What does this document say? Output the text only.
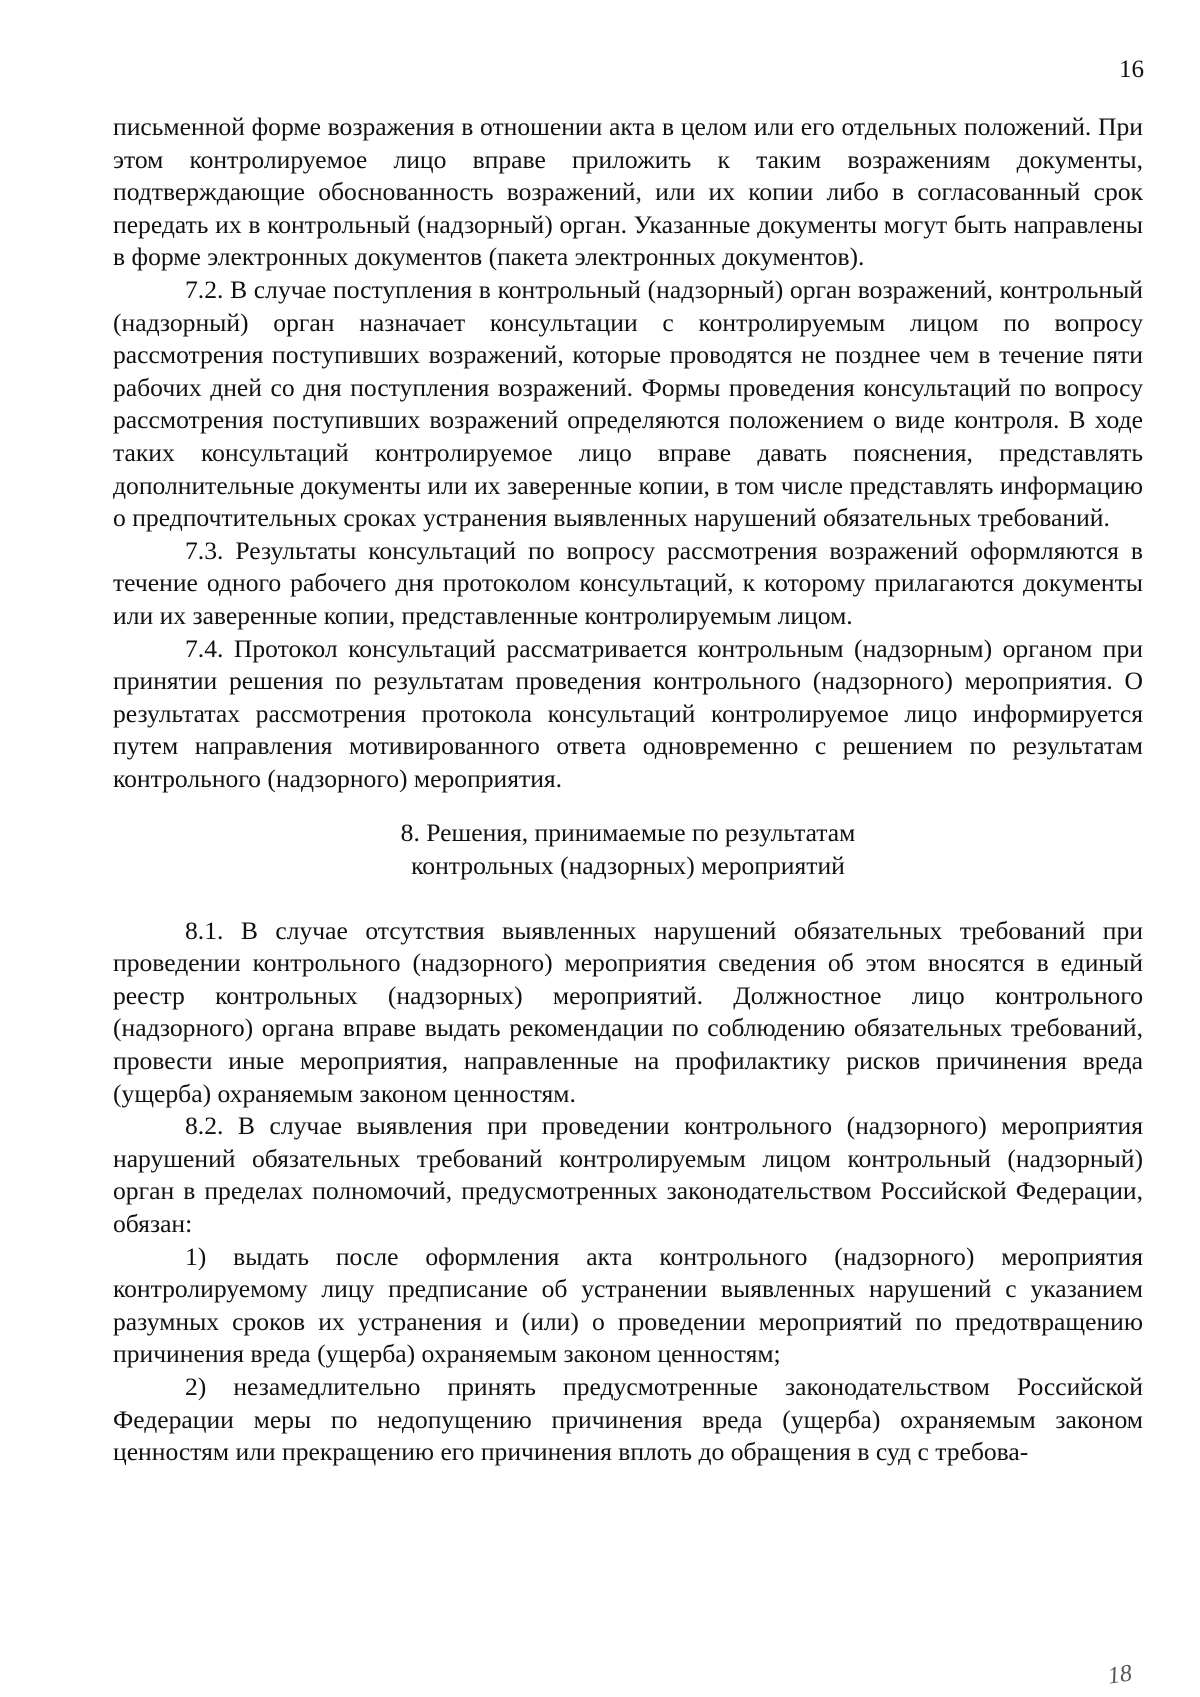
16

письменной форме возражения в отношении акта в целом или его отдельных положений. При этом контролируемое лицо вправе приложить к таким возражениям документы, подтверждающие обоснованность возражений, или их копии либо в согласованный срок передать их в контрольный (надзорный) орган. Указанные документы могут быть направлены в форме электронных документов (пакета электронных документов).

7.2. В случае поступления в контрольный (надзорный) орган возражений, контрольный (надзорный) орган назначает консультации с контролируемым лицом по вопросу рассмотрения поступивших возражений, которые проводятся не позднее чем в течение пяти рабочих дней со дня поступления возражений. Формы проведения консультаций по вопросу рассмотрения поступивших возражений определяются положением о виде контроля. В ходе таких консультаций контролируемое лицо вправе давать пояснения, представлять дополнительные документы или их заверенные копии, в том числе представлять информацию о предпочтительных сроках устранения выявленных нарушений обязательных требований.

7.3. Результаты консультаций по вопросу рассмотрения возражений оформляются в течение одного рабочего дня протоколом консультаций, к которому прилагаются документы или их заверенные копии, представленные контролируемым лицом.

7.4. Протокол консультаций рассматривается контрольным (надзорным) органом при принятии решения по результатам проведения контрольного (надзорного) мероприятия. О результатах рассмотрения протокола консультаций контролируемое лицо информируется путем направления мотивированного ответа одновременно с решением по результатам контрольного (надзорного) мероприятия.

8. Решения, принимаемые по результатам
контрольных (надзорных) мероприятий

8.1. В случае отсутствия выявленных нарушений обязательных требований при проведении контрольного (надзорного) мероприятия сведения об этом вносятся в единый реестр контрольных (надзорных) мероприятий. Должностное лицо контрольного (надзорного) органа вправе выдать рекомендации по соблюдению обязательных требований, провести иные мероприятия, направленные на профилактику рисков причинения вреда (ущерба) охраняемым законом ценностям.

8.2. В случае выявления при проведении контрольного (надзорного) мероприятия нарушений обязательных требований контролируемым лицом контрольный (надзорный) орган в пределах полномочий, предусмотренных законодательством Российской Федерации, обязан:

1) выдать после оформления акта контрольного (надзорного) мероприятия контролируемому лицу предписание об устранении выявленных нарушений с указанием разумных сроков их устранения и (или) о проведении мероприятий по предотвращению причинения вреда (ущерба) охраняемым законом ценностям;

2) незамедлительно принять предусмотренные законодательством Российской Федерации меры по недопущению причинения вреда (ущерба) охраняемым законом ценностям или прекращению его причинения вплоть до обращения в суд с требова-

18
